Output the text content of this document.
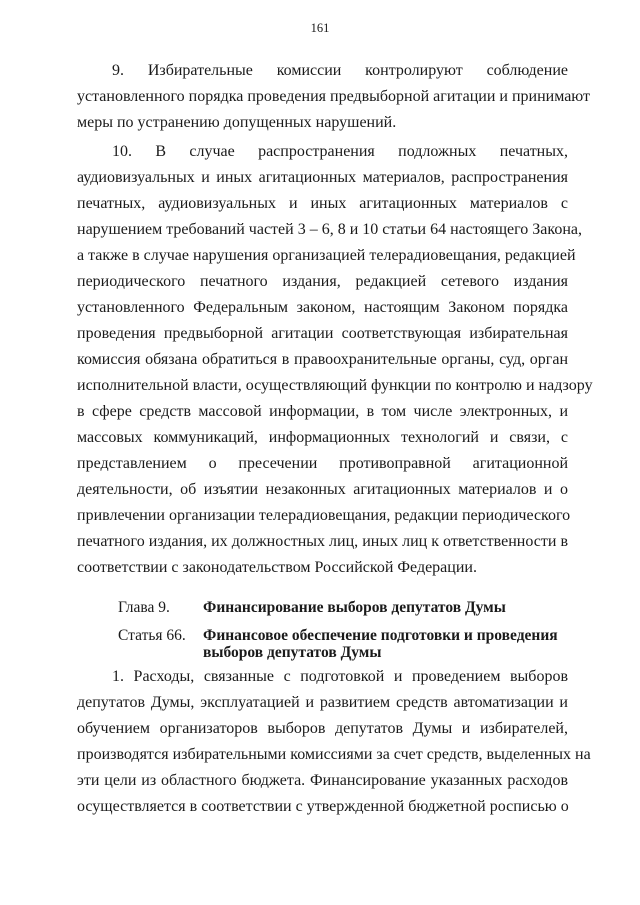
161
9. Избирательные комиссии контролируют соблюдение
установленного порядка проведения предвыборной агитации и принимают
меры по устранению допущенных нарушений.
10. В случае распространения подложных печатных,
аудиовизуальных и иных агитационных материалов, распространения
печатных, аудиовизуальных и иных агитационных материалов с
нарушением требований частей 3 – 6, 8 и 10 статьи 64 настоящего Закона,
а также в случае нарушения организацией телерадиовещания, редакцией
периодического печатного издания, редакцией сетевого издания
установленного Федеральным законом, настоящим Законом порядка
проведения предвыборной агитации соответствующая избирательная
комиссия обязана обратиться в правоохранительные органы, суд, орган
исполнительной власти, осуществляющий функции по контролю и надзору
в сфере средств массовой информации, в том числе электронных, и
массовых коммуникаций, информационных технологий и связи, с
представлением о пресечении противоправной агитационной
деятельности, об изъятии незаконных агитационных материалов и о
привлечении организации телерадиовещания, редакции периодического
печатного издания, их должностных лиц, иных лиц к ответственности в
соответствии с законодательством Российской Федерации.
Глава 9. Финансирование выборов депутатов Думы
Статья 66. Финансовое обеспечение подготовки и проведения
выборов депутатов Думы
1. Расходы, связанные с подготовкой и проведением выборов
депутатов Думы, эксплуатацией и развитием средств автоматизации и
обучением организаторов выборов депутатов Думы и избирателей,
производятся избирательными комиссиями за счет средств, выделенных на
эти цели из областного бюджета. Финансирование указанных расходов
осуществляется в соответствии с утвержденной бюджетной росписью о
